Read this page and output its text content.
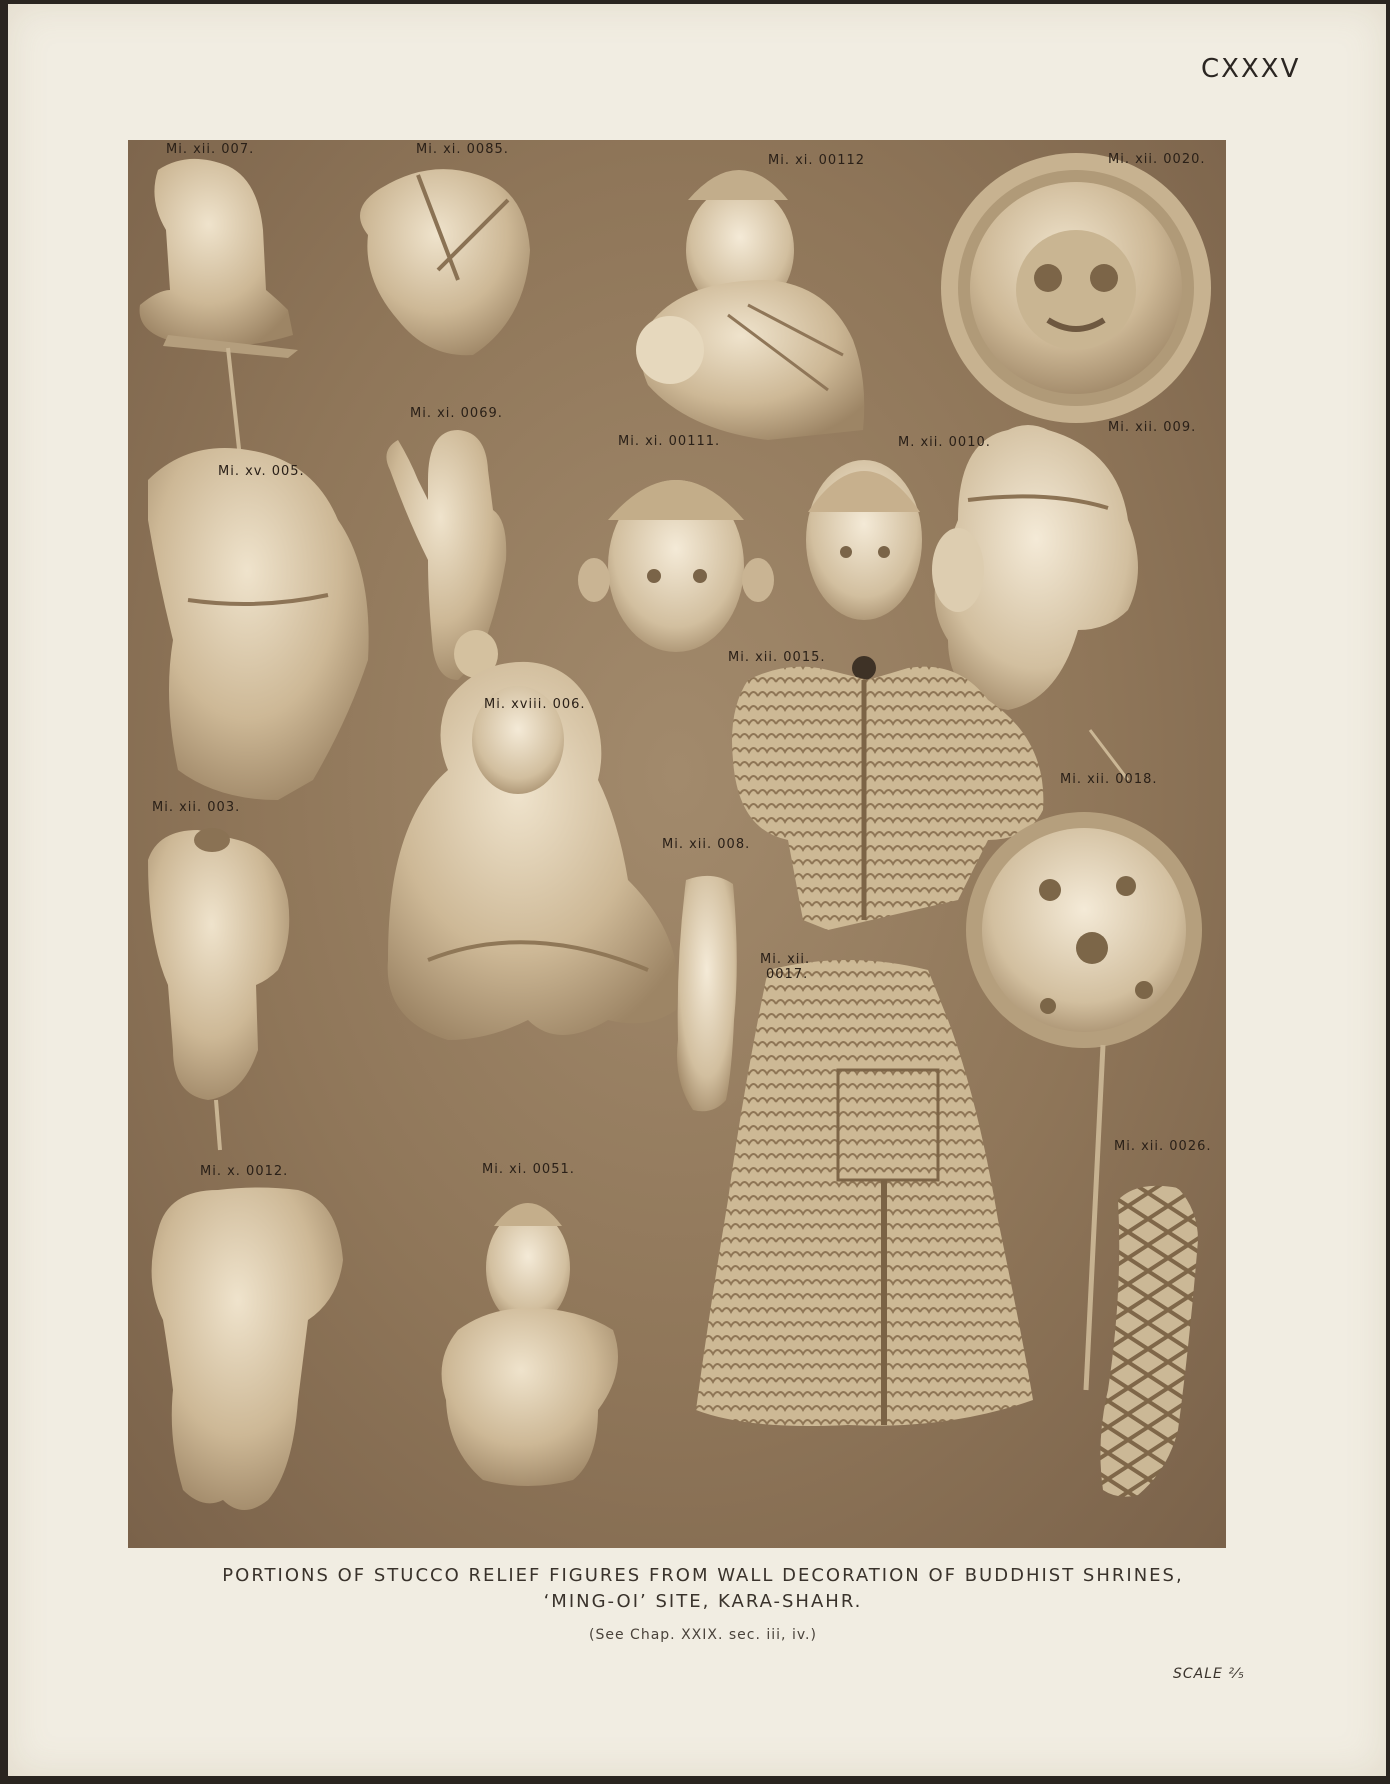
CXXXV
Mi. xii. 007.	Mi. xi. 0085.
Mi. xi. 00112	Mi. xii. 0020.
Mi. xi. 0069.
Mi. xi. 00111.	M. xii. 0010.
Mi. xii. 009.
Mi. xv. 005.
Mi. xii. 0015.
Mi. xviii. 006.
Mi. xii. 0018.
Mi. xii. 003.
Mi. xii. 008.
Mi. xii.
0017.
Mi. x. 0012.	Mi. xi. 0051.
Mi. xii. 0026.
PORTIONS OF STUCCO RELIEF FIGURES FROM WALL DECORATION OF BUDDHIST SHRINES,
‘MING-OI’ SITE, KARA-SHAHR.
(See Chap. XXIX. sec. iii, iv.)
SCALE ²⁄₅
